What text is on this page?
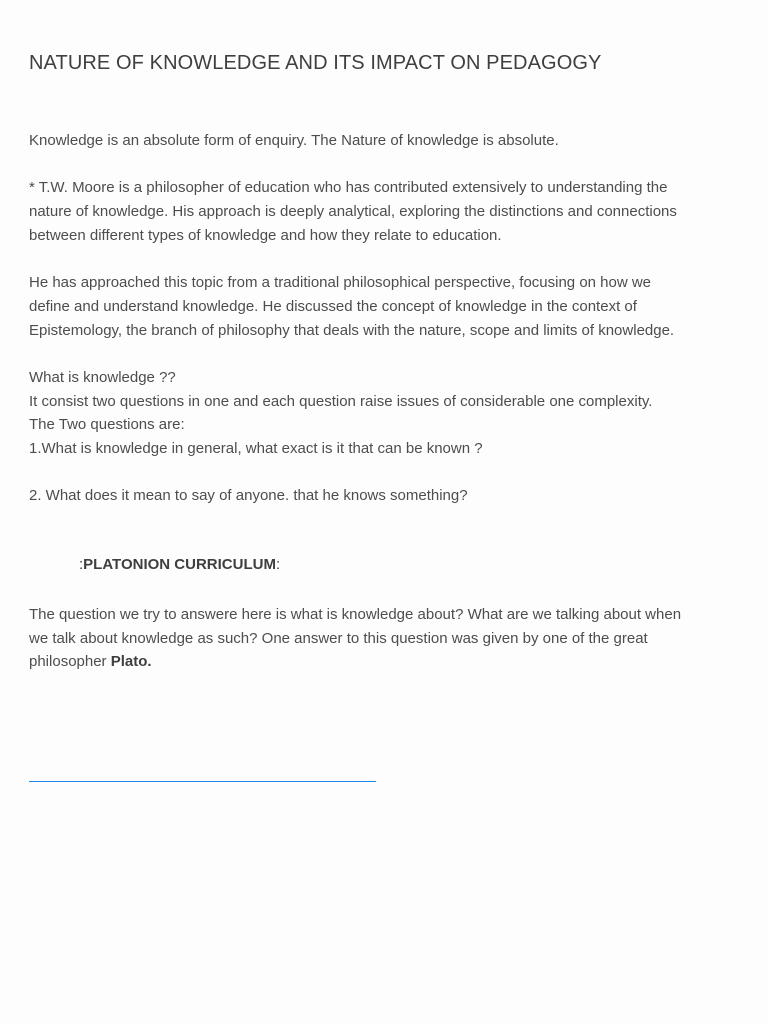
NATURE OF KNOWLEDGE AND ITS IMPACT ON PEDAGOGY

Knowledge is an absolute form of enquiry. The Nature of knowledge is absolute.

* T.W. Moore is a philosopher of education who has contributed extensively to understanding the
nature of knowledge. His approach is deeply analytical, exploring the distinctions and connections
between different types of knowledge and how they relate to education.

He has approached this topic from a traditional philosophical perspective, focusing on how we
define and understand knowledge. He discussed the concept of knowledge in the context of
Epistemology, the branch of philosophy that deals with the nature, scope and limits of knowledge.

What is knowledge ??
It consist two questions in one and each question raise issues of considerable one complexity.
The Two questions are:
1.What is knowledge in general, what exact is it that can be known ?

2. What does it mean to say of anyone. that he knows something?

:PLATONION CURRICULUM:

The question we try to answere here is what is knowledge about? What are we talking about when
we talk about knowledge as such? One answer to this question was given by one of the great
philosopher Plato.
